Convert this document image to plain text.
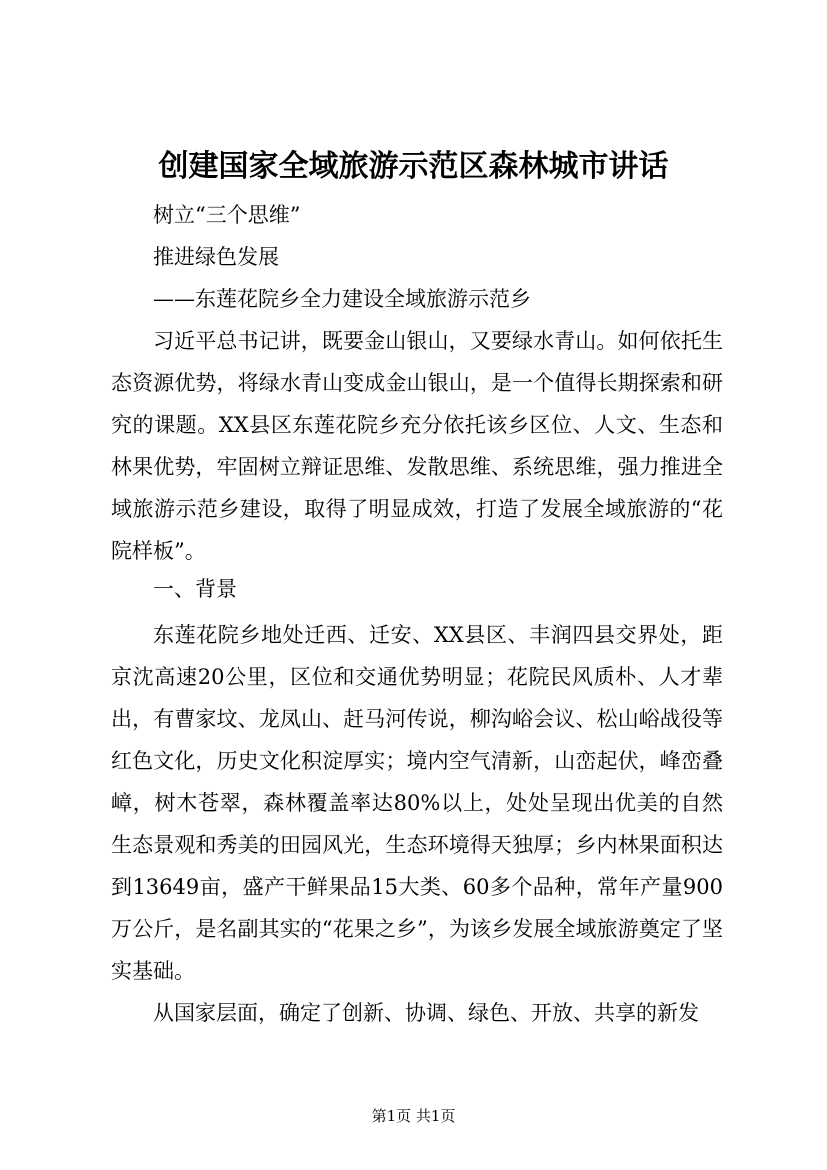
创建国家全域旅游示范区森林城市讲话
树立“三个思维”
推进绿色发展
——东莲花院乡全力建设全域旅游示范乡
习近平总书记讲，既要金山银山，又要绿水青山。如何依托生态资源优势，将绿水青山变成金山银山，是一个值得长期探索和研究的课题。XX县区东莲花院乡充分依托该乡区位、人文、生态和林果优势，牢固树立辩证思维、发散思维、系统思维，强力推进全域旅游示范乡建设，取得了明显成效，打造了发展全域旅游的“花院样板”。
一、背景
东莲花院乡地处迁西、迁安、XX县区、丰润四县交界处，距京沈高速20公里，区位和交通优势明显；花院民风质朴、人才辈出，有曹家坟、龙凤山、赶马河传说，柳沟峪会议、松山峪战役等红色文化，历史文化积淀厚实；境内空气清新，山峦起伏，峰峦叠嶂，树木苍翠，森林覆盖率达80%以上，处处呈现出优美的自然生态景观和秀美的田园风光，生态环境得天独厚；乡内林果面积达到13649亩，盛产干鲜果品15大类、60多个品种，常年产量900万公斤，是名副其实的“花果之乡”，为该乡发展全域旅游奠定了坚实基础。
从国家层面，确定了创新、协调、绿色、开放、共享的新发
第1页 共1页
